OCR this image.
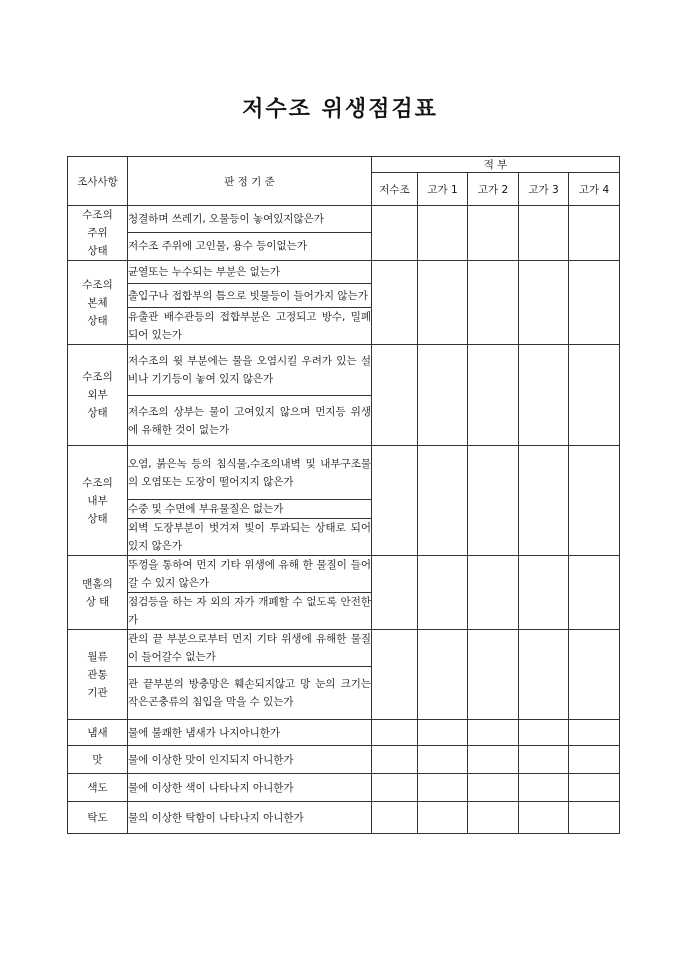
저수조 위생점검표
조사사항	판 정 기 준	적 부				
		저수조	고가 1	고가 2	고가 3	고가 4
수조의
주위
상태	청결하며 쓰레기, 오물등이 놓여있지않은가					
	저수조 주위에 고인물, 용수 등이없는가					
수조의
본체
상태	균열또는 누수되는 부분은 없는가					
	출입구나 접합부의 틈으로 빗물등이 들어가지 않는가					
	유출관 배수관등의 접합부분은 고정되고 방수, 밀폐되어 있는가					
수조의
외부
상태	저수조의 윗 부분에는 물을 오염시킬 우려가 있는 설비나 기기등이 놓여 있지 않은가					
	저수조의 상부는 물이 고여있지 않으며 먼지등 위생에 유해한 것이 없는가					
수조의
내부
상태	오염, 붉은녹 등의 침식물,수조의내벽 및 내부구조물의 오염또는 도장이 떨어지지 않은가					
	수중 및 수면에 부유물질은 없는가					
	외벽 도장부분이 벗겨져 빛이 투과되는 상태로 되어있지 않은가					
맨홀의
상 태	뚜껑을 통하여 먼지 기타 위생에 유해 한 물질이 들어갈 수 있지 않은가					
	점검등을 하는 자 외의 자가 개폐할 수 없도록 안전한가					
월류
관통
기관	관의 끝 부분으로부터 먼지 기타 위생에 유해한 물질이 들어갈수 없는가					
	관 끝부분의 방충망은 훼손되지않고 망 눈의 크기는 작은곤충류의 침입을 막을 수 있는가					
냄새	물에 불쾌한 냄새가 나지아니한가					
맛	물에 이상한 맛이 인지되지 아니한가					
색도	물에 이상한 색이 나타나지 아니한가					
탁도	물의 이상한 탁함이 나타나지 아니한가					
